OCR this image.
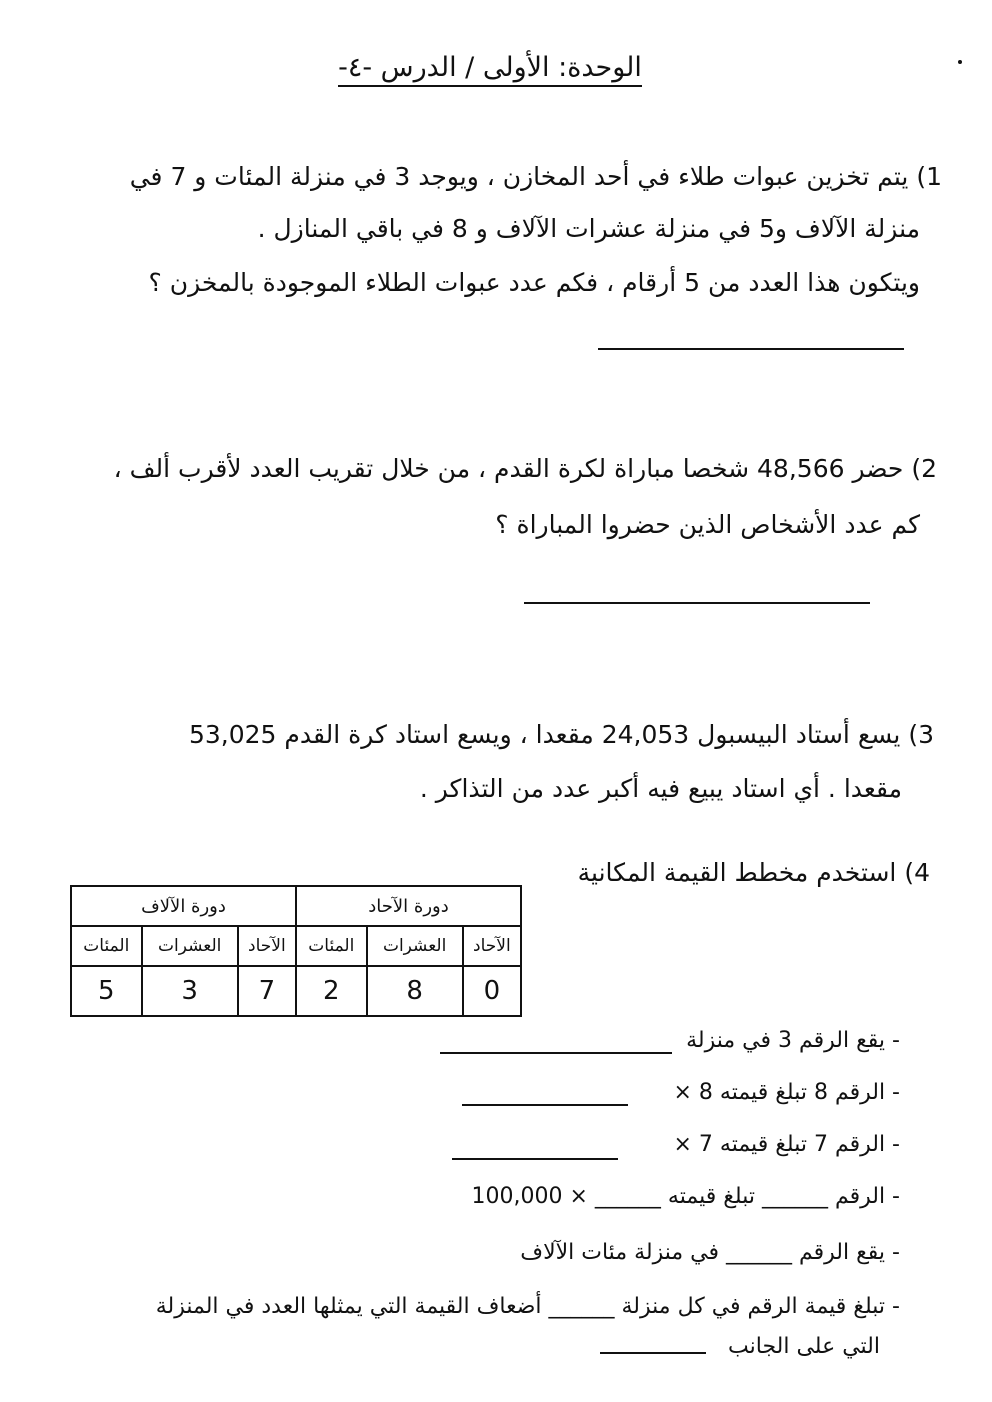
الوحدة: الأولى / الدرس -٤-
1) يتم تخزين عبوات طلاء في أحد المخازن ، ويوجد 3 في منزلة المئات و 7 في
منزلة الآلاف و5 في منزلة عشرات الآلاف و 8 في باقي المنازل .
ويتكون هذا العدد من 5 أرقام ، فكم عدد عبوات الطلاء الموجودة بالمخزن ؟
2) حضر 48,566 شخصا مباراة لكرة القدم ، من خلال تقريب العدد لأقرب ألف ،
كم عدد الأشخاص الذين حضروا المباراة ؟
3) يسع أستاد البيسبول 24,053 مقعدا ، ويسع استاد كرة القدم 53,025
مقعدا . أي استاد يبيع فيه أكبر عدد من التذاكر .
4) استخدم مخطط القيمة المكانية
دورة الآحاد			دورة الآلاف		
الآحاد	العشرات	المئات	الآحاد	العشرات	المئات
0	8	2	7	3	5
- يقع الرقم 3 في منزلة
- الرقم 8 تبلغ قيمته 8 ×
- الرقم 7 تبلغ قيمته 7 ×
- الرقم ______ تبلغ قيمته ______ × 100,000
- يقع الرقم ______ في منزلة مئات الآلاف
- تبلغ قيمة الرقم في كل منزلة ______ أضعاف القيمة التي يمثلها العدد في المنزلة
التي على الجانب
